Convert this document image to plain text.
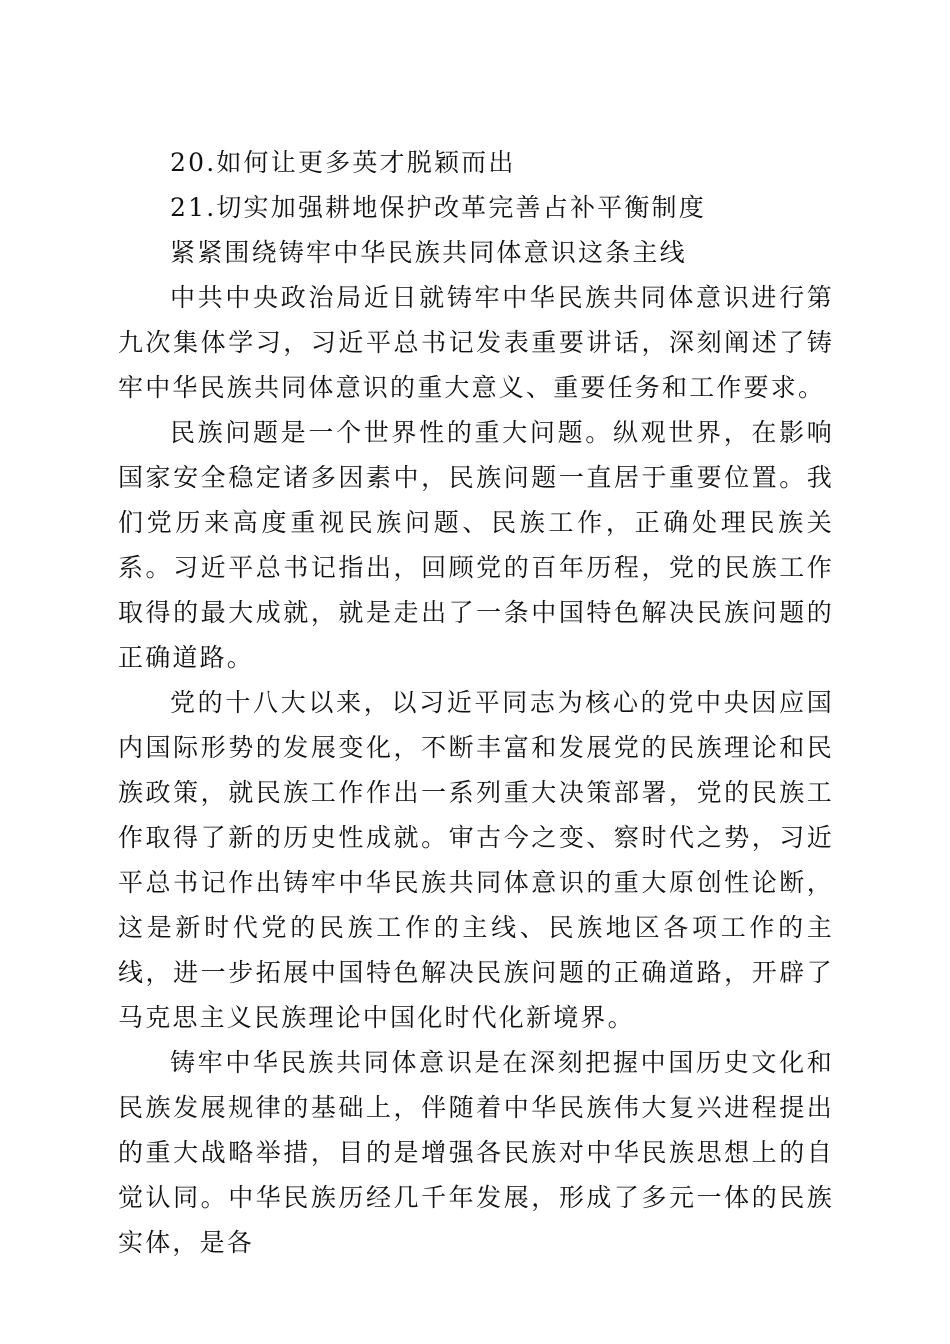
20.如何让更多英才脱颖而出

21.切实加强耕地保护改革完善占补平衡制度

紧紧围绕铸牢中华民族共同体意识这条主线

中共中央政治局近日就铸牢中华民族共同体意识进行第九次集体学习，习近平总书记发表重要讲话，深刻阐述了铸牢中华民族共同体意识的重大意义、重要任务和工作要求。

民族问题是一个世界性的重大问题。纵观世界，在影响国家安全稳定诸多因素中，民族问题一直居于重要位置。我们党历来高度重视民族问题、民族工作，正确处理民族关系。习近平总书记指出，回顾党的百年历程，党的民族工作取得的最大成就，就是走出了一条中国特色解决民族问题的正确道路。

党的十八大以来，以习近平同志为核心的党中央因应国内国际形势的发展变化，不断丰富和发展党的民族理论和民族政策，就民族工作作出一系列重大决策部署，党的民族工作取得了新的历史性成就。审古今之变、察时代之势，习近平总书记作出铸牢中华民族共同体意识的重大原创性论断，这是新时代党的民族工作的主线、民族地区各项工作的主线，进一步拓展中国特色解决民族问题的正确道路，开辟了马克思主义民族理论中国化时代化新境界。

铸牢中华民族共同体意识是在深刻把握中国历史文化和民族发展规律的基础上，伴随着中华民族伟大复兴进程提出的重大战略举措，目的是增强各民族对中华民族思想上的自觉认同。中华民族历经几千年发展，形成了多元一体的民族实体，是各
